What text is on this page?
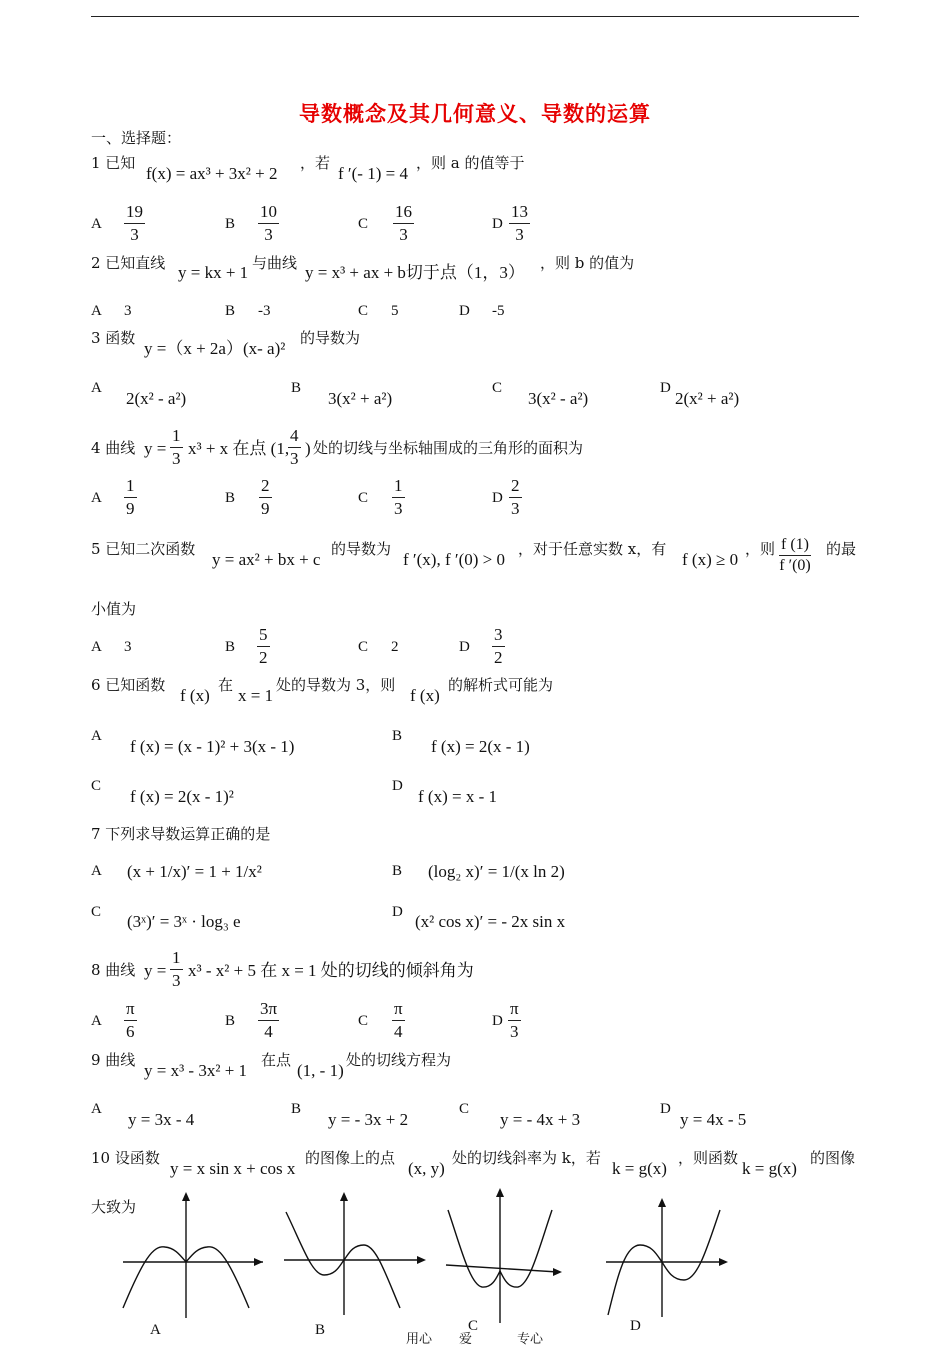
导数概念及其几何意义、导数的运算
一、选择题：
1 已知
f(x) = ax³ + 3x² + 2
，若
f ′(- 1) = 4
，则 a 的值等于
A $\frac{19}{3}$	B $\frac{10}{3}$	C $\frac{16}{3}$	D $\frac{13}{3}$
2 已知直线 y = kx + 1 与曲线 y = x³ + ax + b切于点（1，3） ，则 b 的值为
A 3	B -3	C 5	D -5
3 函数
y =（x + 2a）(x- a)²
的导数为
A
2(x² - a²)
B
3(x² + a²)
C
3(x² - a²)
D
2(x² + a²)
4 曲线 $y = \frac{1}{3} x^3 + x$ 在点 (1,
$\frac{4}{3}$ ) 处的切线与坐标轴围成的三角形的面积为
A $\frac{1}{9}$	B $\frac{2}{9}$	C $\frac{1}{3}$	D $\frac{2}{3}$
5 已知二次函数
y = ax² + bx + c
的导数为
f ′(x), f ′(0) > 0
，对于任意实数 x，有
f (x) ≥ 0
，则 $\frac{f (1)}{f '(0)}$ 的最
小值为
A 3	B $\frac{5}{2}$	C 2	D $\frac{3}{2}$
6 已知函数
f (x)
在
x = 1
处的导数为 3，则
f (x)
的解析式可能为
A
f (x) = (x - 1)² + 3(x - 1)
B
f (x) = 2(x - 1)
C
f (x) = 2(x - 1)²
D
f (x) = x - 1
7 下列求导数运算正确的是
A (x + 1/x)′ = 1 + 1/x²	B (log₂ x)′ = 1/(x ln 2)
C (3ˣ)′ = 3ˣ · log₃ e	D (x² cos x)′ = - 2x sin x
8 曲线 $y = \frac{1}{3} x^3 - x^2 + 5$ 在 x = 1 处的切线的倾斜角为
A $\frac{\pi}{6}$	B $\frac{3\pi}{4}$	C $\frac{\pi}{4}$	D $\frac{\pi}{3}$
9 曲线
y = x³ - 3x² + 1
在点
(1, - 1)
处的切线方程为
A
y = 3x - 4
B
y = - 3x + 2
C
y = - 4x + 3
D
y = 4x - 5
10 设函数
y = x sin x + cos x
的图像上的点
(x, y)
处的切线斜率为 k，若
k = g(x)
，则函数
k = g(x)
的图像
大致为
A	B	C	D
用心 爱	专心
